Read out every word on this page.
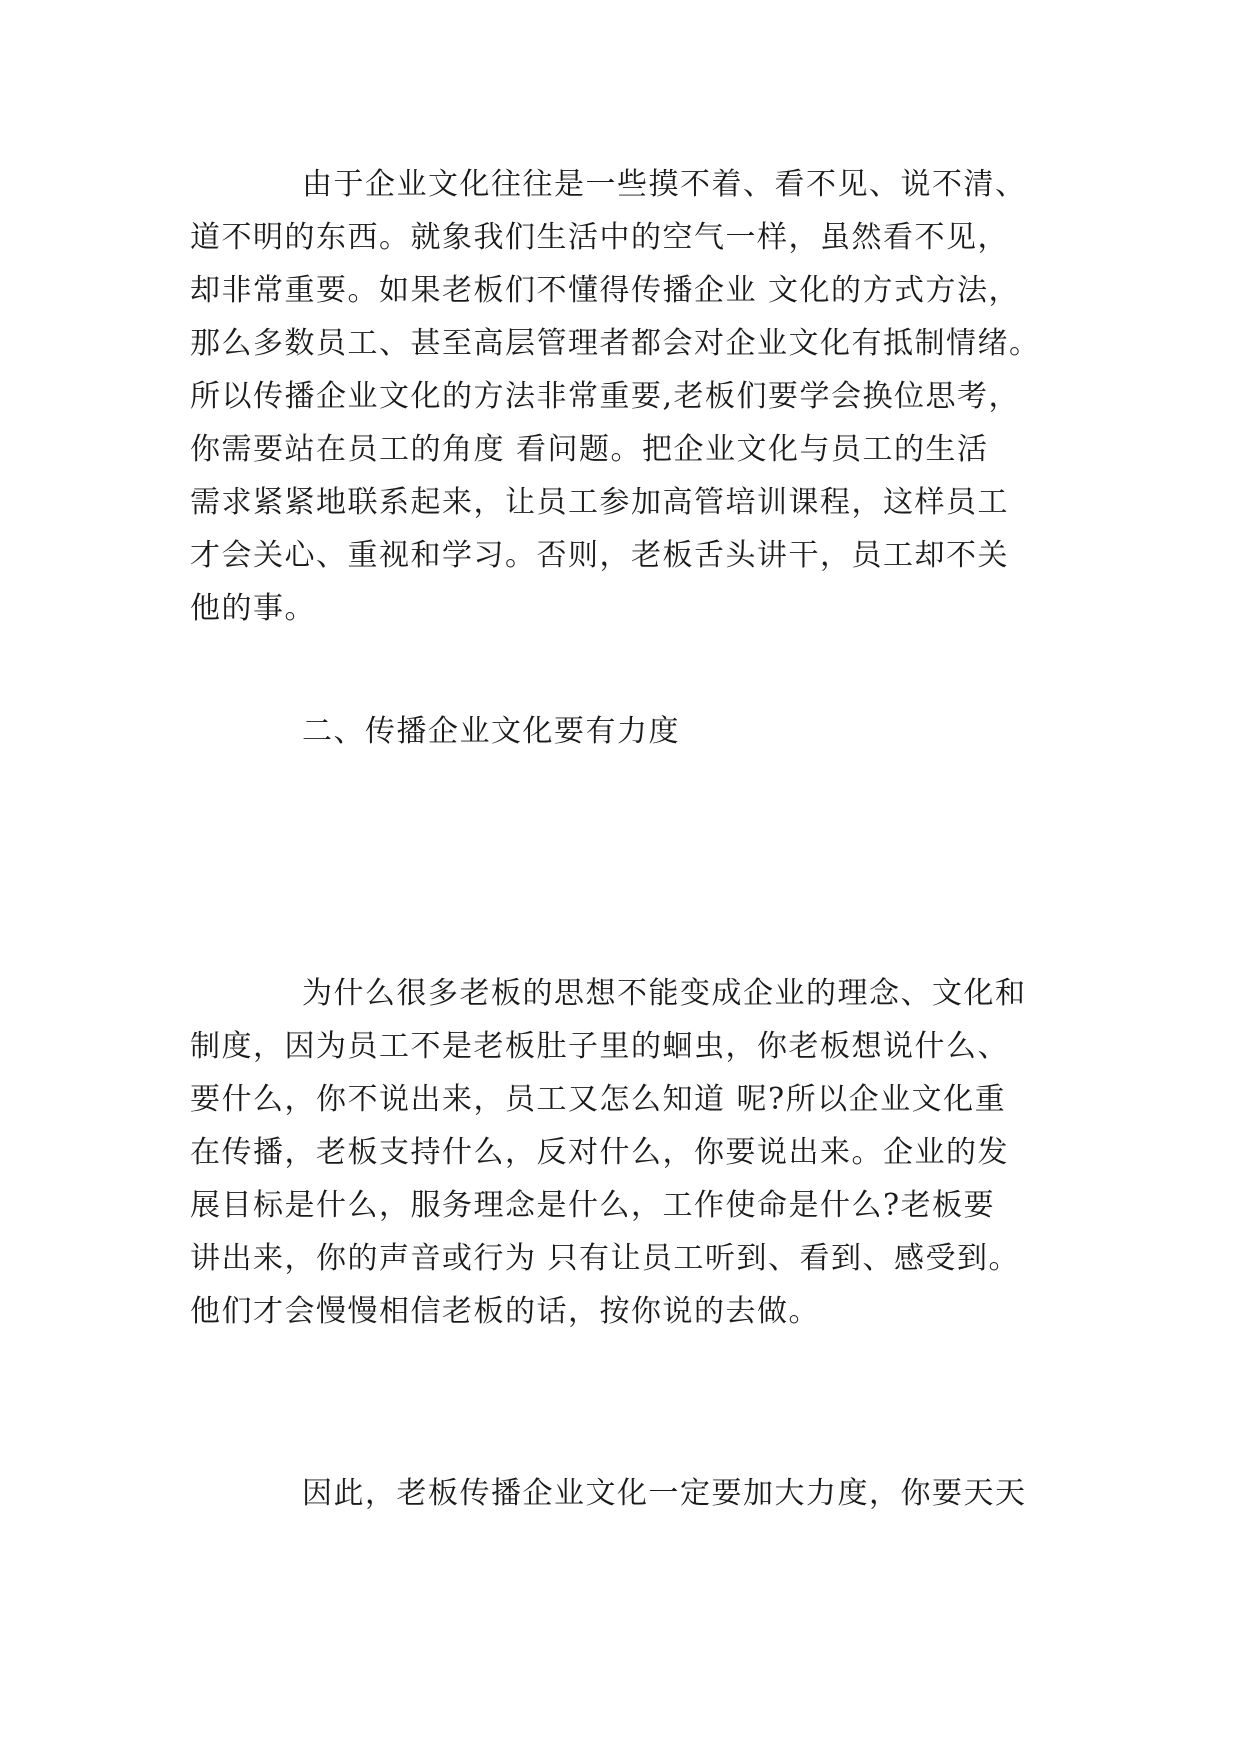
由于企业文化往往是一些摸不着、看不见、说不清、
道不明的东西。就象我们生活中的空气一样，虽然看不见，
却非常重要。如果老板们不懂得传播企业 文化的方式方法，
那么多数员工、甚至高层管理者都会对企业文化有抵制情绪。
所以传播企业文化的方法非常重要,老板们要学会换位思考，
你需要站在员工的角度 看问题。把企业文化与员工的生活
需求紧紧地联系起来，让员工参加高管培训课程，这样员工
才会关心、重视和学习。否则，老板舌头讲干，员工却不关
他的事。
二、传播企业文化要有力度
为什么很多老板的思想不能变成企业的理念、文化和
制度，因为员工不是老板肚子里的蛔虫，你老板想说什么、
要什么，你不说出来，员工又怎么知道 呢?所以企业文化重
在传播，老板支持什么，反对什么，你要说出来。企业的发
展目标是什么，服务理念是什么，工作使命是什么?老板要
讲出来，你的声音或行为 只有让员工听到、看到、感受到。
他们才会慢慢相信老板的话，按你说的去做。
因此，老板传播企业文化一定要加大力度，你要天天
